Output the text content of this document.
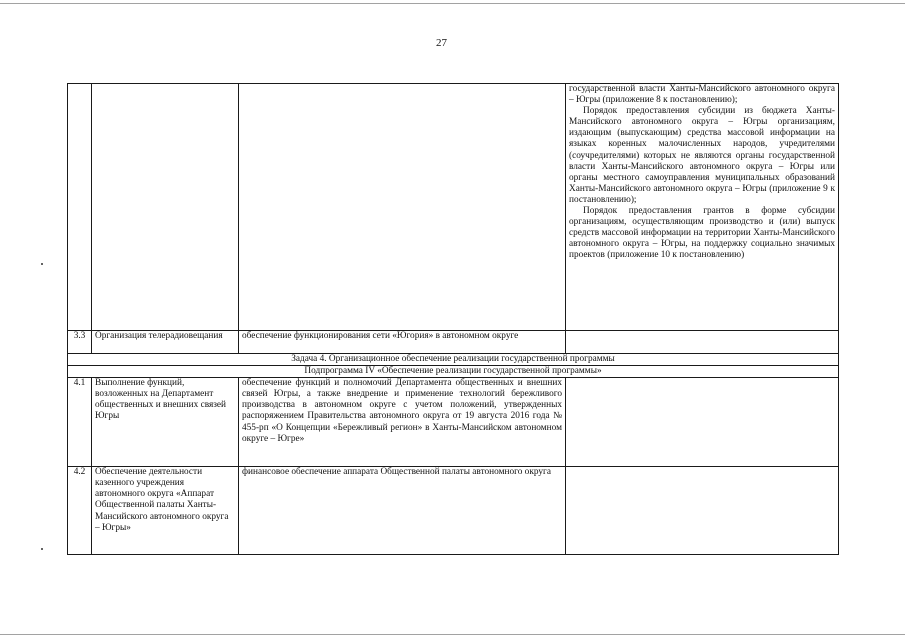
27

			государственной власти Ханты-Мансийского автономного округа – Югры (приложение 8 к постановлению);
Порядок предоставления субсидии из бюджета Ханты-Мансийского автономного округа – Югры организациям, издающим (выпускающим) средства массовой информации на языках коренных малочисленных народов, учредителями (соучредителями) которых не являются органы государственной власти Ханты-Мансийского автономного округа – Югры или органы местного самоуправления муниципальных образований Ханты-Мансийского автономного округа – Югры (приложение 9 к постановлению);
Порядок предоставления грантов в форме субсидии организациям, осуществляющим производство и (или) выпуск средств массовой информации на территории Ханты-Мансийского автономного округа – Югры, на поддержку социально значимых проектов (приложение 10 к постановлению)

3.3	Организация телерадиовещания	обеспечение функционирования сети «Югория» в автономном округе	
Задача 4. Организационное обеспечение реализации государственной программы			
Подпрограмма IV «Обеспечение реализации государственной программы»			
4.1	Выполнение функций, возложенных на Департамент общественных и внешних связей Югры	обеспечение функций и полномочий Департамента общественных и внешних связей Югры, а также внедрение и применение технологий бережливого производства в автономном округе с учетом положений, утвержденных распоряжением Правительства автономного округа от 19 августа 2016 года № 455-рп «О Концепции «Бережливый регион» в Ханты-Мансийском автономном округе – Югре»	
4.2	Обеспечение деятельности казенного учреждения автономного округа «Аппарат Общественной палаты Ханты-Мансийского автономного округа – Югры»	финансовое обеспечение аппарата Общественной палаты автономного округа	
